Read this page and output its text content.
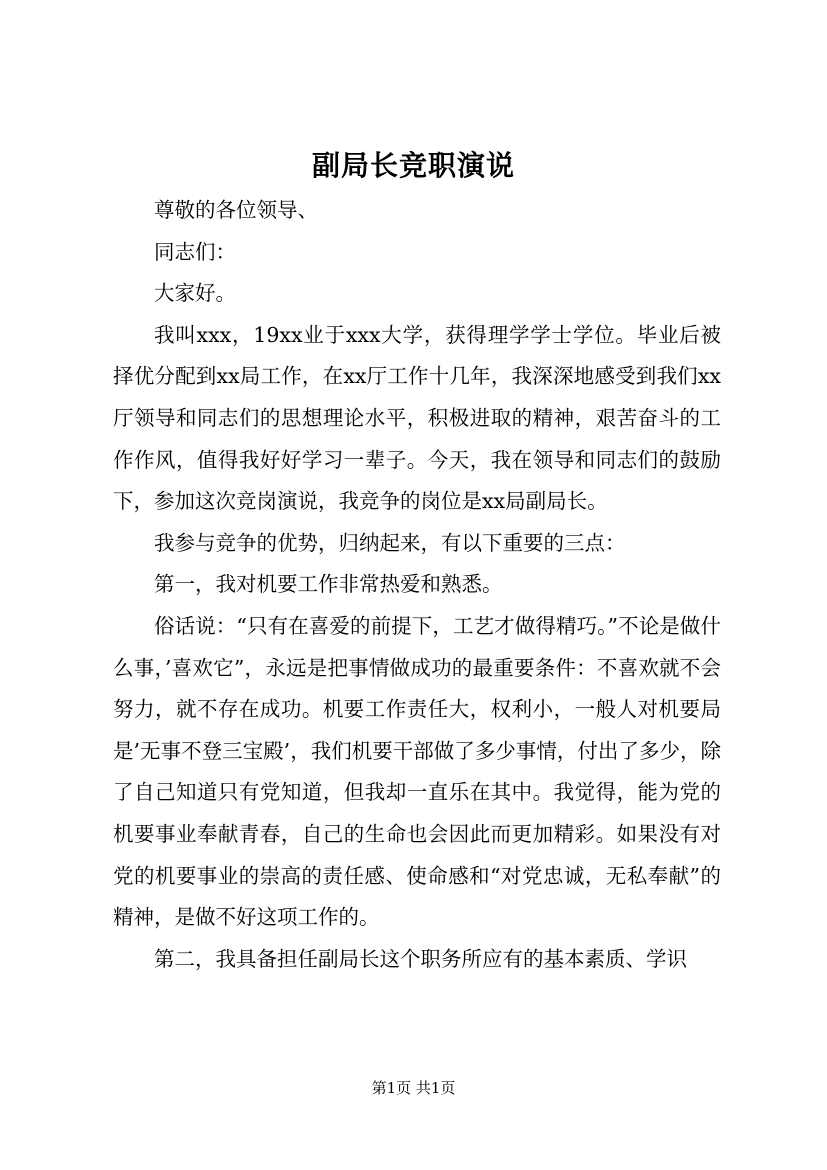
副局长竞职演说

尊敬的各位领导、

同志们：

大家好。

我叫xxx，19xx业于xxx大学，获得理学学士学位。毕业后被择优分配到xx局工作，在xx厅工作十几年，我深深地感受到我们xx厅领导和同志们的思想理论水平，积极进取的精神，艰苦奋斗的工作作风，值得我好好学习一辈子。今天，我在领导和同志们的鼓励下，参加这次竞岗演说，我竞争的岗位是xx局副局长。

我参与竞争的优势，归纳起来，有以下重要的三点：

第一，我对机要工作非常热爱和熟悉。

俗话说：“只有在喜爱的前提下，工艺才做得精巧。”不论是做什么事，’喜欢它”，永远是把事情做成功的最重要条件：不喜欢就不会努力，就不存在成功。机要工作责任大，权利小，一般人对机要局是’无事不登三宝殿’，我们机要干部做了多少事情，付出了多少，除了自己知道只有党知道，但我却一直乐在其中。我觉得，能为党的机要事业奉献青春，自己的生命也会因此而更加精彩。如果没有对党的机要事业的崇高的责任感、使命感和“对党忠诚，无私奉献”的精神，是做不好这项工作的。

第二，我具备担任副局长这个职务所应有的基本素质、学识

第1页 共1页
